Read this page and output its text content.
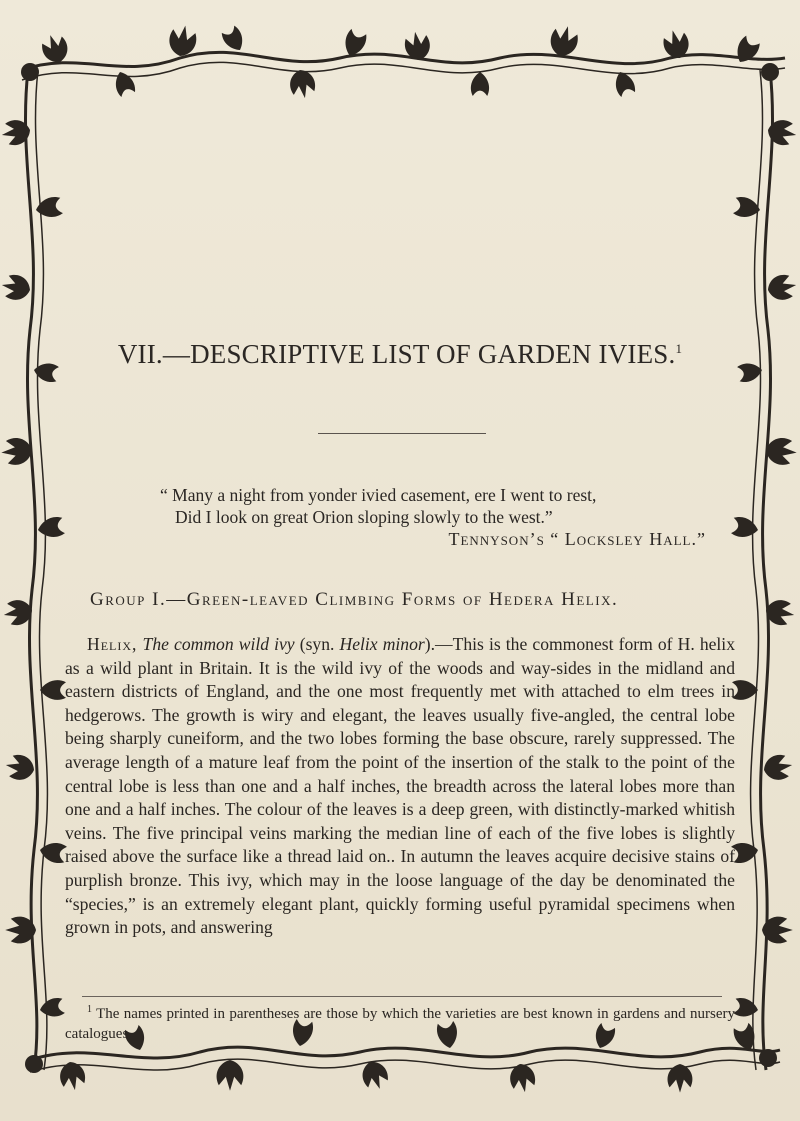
VII.—DESCRIPTIVE LIST OF GARDEN IVIES.$^1$
“ Many a night from yonder ivied casement, ere I went to rest,
Did I look on great Orion sloping slowly to the west.”
Tennyson’s “ Locksley Hall.”
Group I.—Green-leaved Climbing Forms of Hedera Helix.
Helix, The common wild ivy (syn. Helix minor).—This is the commonest form of H. helix as a wild plant in Britain. It is the wild ivy of the woods and way-sides in the midland and eastern districts of England, and the one most frequently met with attached to elm trees in hedgerows. The growth is wiry and elegant, the leaves usually five-angled, the central lobe being sharply cuneiform, and the two lobes forming the base obscure, rarely suppressed. The average length of a mature leaf from the point of the insertion of the stalk to the point of the central lobe is less than one and a half inches, the breadth across the lateral lobes more than one and a half inches. The colour of the leaves is a deep green, with distinctly-marked whitish veins. The five principal veins marking the median line of each of the five lobes is slightly raised above the surface like a thread laid on.. In autumn the leaves acquire decisive stains of purplish bronze. This ivy, which may in the loose language of the day be denominated the “species,” is an extremely elegant plant, quickly forming useful pyramidal specimens when grown in pots, and answering
$^1$ The names printed in parentheses are those by which the varieties are best known in gardens and nursery catalogues.
